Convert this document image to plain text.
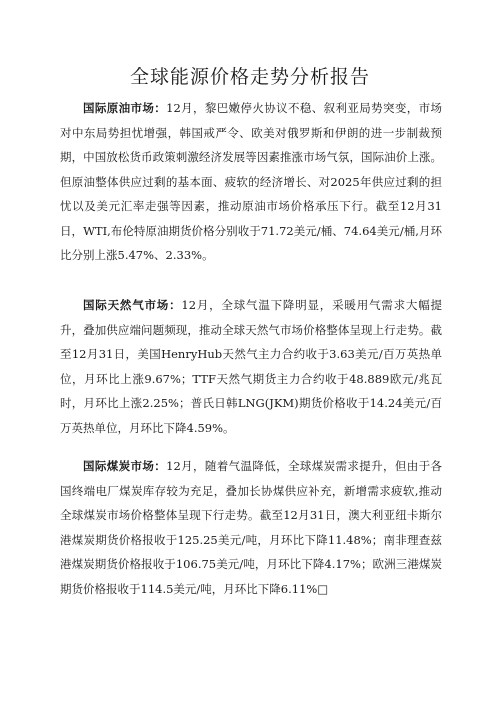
全球能源价格走势分析报告

国际原油市场：12月，黎巴嫩停火协议不稳、叙利亚局势突变，市场对中东局势担忧增强，韩国戒严令、欧美对俄罗斯和伊朗的进一步制裁预期，中国放松货币政策刺激经济发展等因素推涨市场气氛，国际油价上涨。但原油整体供应过剩的基本面、疲软的经济增长、对2025年供应过剩的担忧以及美元汇率走强等因素，推动原油市场价格承压下行。截至12月31日，WTI,布伦特原油期货价格分别收于71.72美元/桶、74.64美元/桶,月环比分别上涨5.47%、2.33%。

国际天然气市场：12月，全球气温下降明显，采暖用气需求大幅提升，叠加供应端问题频现，推动全球天然气市场价格整体呈现上行走势。截至12月31日，美国HenryHub天然气主力合约收于3.63美元/百万英热单位，月环比上涨9.67%；TTF天然气期货主力合约收于48.889欧元/兆瓦时，月环比上涨2.25%；普氏日韩LNG(JKM)期货价格收于14.24美元/百万英热单位，月环比下降4.59%。

国际煤炭市场：12月，随着气温降低，全球煤炭需求提升，但由于各国终端电厂煤炭库存较为充足，叠加长协煤供应补充，新增需求疲软,推动全球煤炭市场价格整体呈现下行走势。截至12月31日，澳大利亚纽卡斯尔港煤炭期货价格报收于125.25美元/吨，月环比下降11.48%；南非理查兹港煤炭期货价格报收于106.75美元/吨，月环比下降4.17%；欧洲三港煤炭期货价格报收于114.5美元/吨，月环比下降6.11%□
